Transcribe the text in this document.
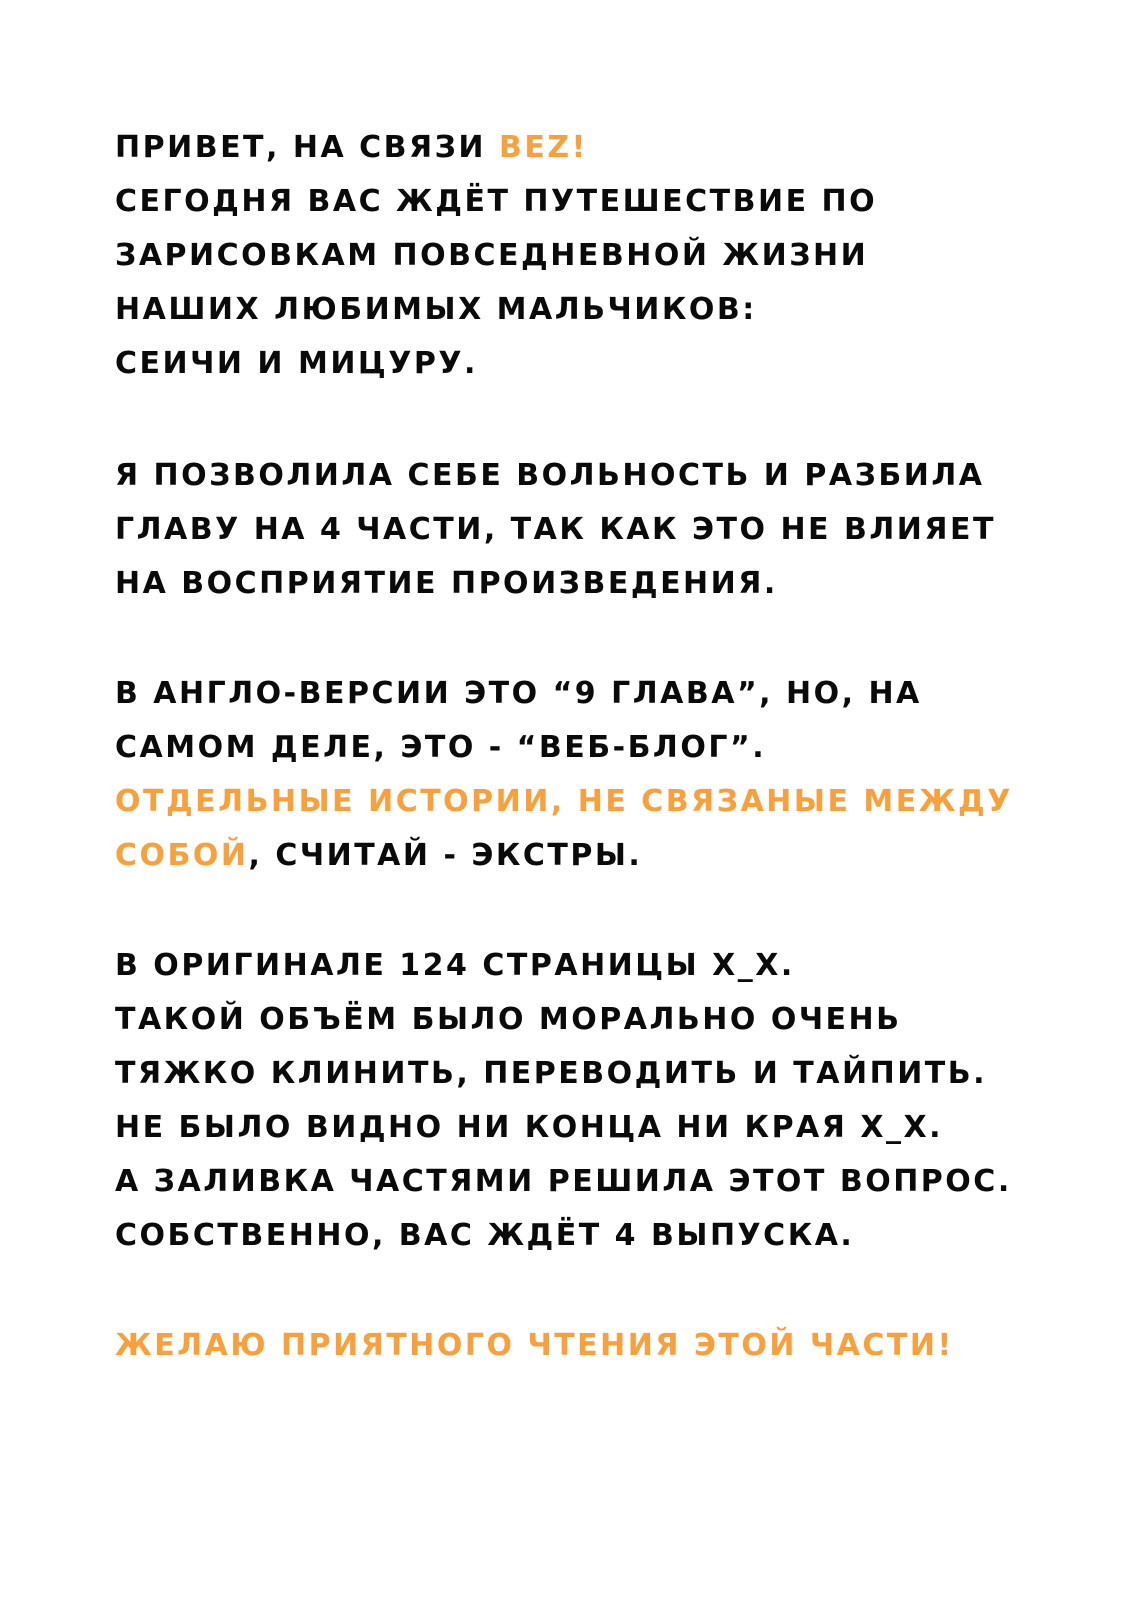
ПРИВЕТ, НА СВЯЗИ BEZ!
СЕГОДНЯ ВАС ЖДЁТ ПУТЕШЕСТВИЕ ПО
ЗАРИСОВКАМ ПОВСЕДНЕВНОЙ ЖИЗНИ
НАШИХ ЛЮБИМЫХ МАЛЬЧИКОВ:
СЕИЧИ И МИЦУРУ.
Я ПОЗВОЛИЛА СЕБЕ ВОЛЬНОСТЬ И РАЗБИЛА
ГЛАВУ НА 4 ЧАСТИ, ТАК КАК ЭТО НЕ ВЛИЯЕТ
НА ВОСПРИЯТИЕ ПРОИЗВЕДЕНИЯ.
В АНГЛО-ВЕРСИИ ЭТО “9 ГЛАВА”, НО, НА
САМОМ ДЕЛЕ, ЭТО - “ВЕБ-БЛОГ”.
ОТДЕЛЬНЫЕ ИСТОРИИ, НЕ СВЯЗАНЫЕ МЕЖДУ
СОБОЙ, СЧИТАЙ - ЭКСТРЫ.
В ОРИГИНАЛЕ 124 СТРАНИЦЫ X_X.
ТАКОЙ ОБЪЁМ БЫЛО МОРАЛЬНО ОЧЕНЬ
ТЯЖКО КЛИНИТЬ, ПЕРЕВОДИТЬ И ТАЙПИТЬ.
НЕ БЫЛО ВИДНО НИ КОНЦА НИ КРАЯ X_X.
А ЗАЛИВКА ЧАСТЯМИ РЕШИЛА ЭТОТ ВОПРОС.
СОБСТВЕННО, ВАС ЖДЁТ 4 ВЫПУСКА.
ЖЕЛАЮ ПРИЯТНОГО ЧТЕНИЯ ЭТОЙ ЧАСТИ!
